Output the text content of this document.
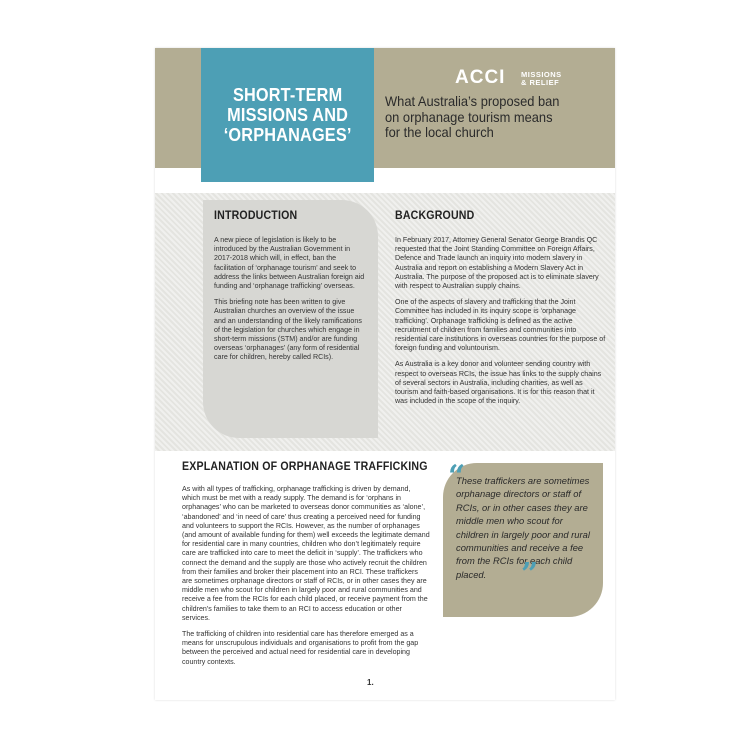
SHORT-TERM
MISSIONS AND
‘ORPHANAGES’
ACCI MISSIONS
& RELIEF
What Australia’s proposed ban
on orphanage tourism means
for the local church
INTRODUCTION

A new piece of legislation is likely to be introduced by the Australian Government in 2017-2018 which will, in effect, ban the facilitation of ‘orphanage tourism’ and seek to address the links between Australian foreign aid funding and ‘orphanage trafficking’ overseas.

This briefing note has been written to give Australian churches an overview of the issue and an understanding of the likely ramifications of the legislation for churches which engage in short-term missions (STM) and/or are funding overseas ‘orphanages’ (any form of residential care for children, hereby called RCIs).

BACKGROUND

In February 2017, Attorney General Senator George Brandis QC requested that the Joint Standing Committee on Foreign Affairs, Defence and Trade launch an inquiry into modern slavery in Australia and report on establishing a Modern Slavery Act in Australia. The purpose of the proposed act is to eliminate slavery with respect to Australian supply chains.

One of the aspects of slavery and trafficking that the Joint Committee has included in its inquiry scope is ‘orphanage trafficking’. Orphanage trafficking is defined as the active recruitment of children from families and communities into residential care institutions in overseas countries for the purpose of foreign funding and voluntourism.

As Australia is a key donor and volunteer sending country with respect to overseas RCIs, the issue has links to the supply chains of several sectors in Australia, including charities, as well as tourism and faith-based organisations. It is for this reason that it was included in the scope of the inquiry.

EXPLANATION OF ORPHANAGE TRAFFICKING

As with all types of trafficking, orphanage trafficking is driven by demand, which must be met with a ready supply. The demand is for ‘orphans in orphanages’ who can be marketed to overseas donor communities as ‘alone’, ‘abandoned’ and ‘in need of care’ thus creating a perceived need for funding and volunteers to support the RCIs. However, as the number of orphanages (and amount of available funding for them) well exceeds the legitimate demand for residential care in many countries, children who don’t legitimately require care are trafficked into care to meet the deficit in ‘supply’. The traffickers who connect the demand and the supply are those who actively recruit the children from their families and broker their placement into an RCI. These traffickers are sometimes orphanage directors or staff of RCIs, or in other cases they are middle men who scout for children in largely poor and rural communities and receive a fee from the RCIs for each child placed, or receive payment from the children’s families to take them to an RCI to access education or other services.

The trafficking of children into residential care has therefore emerged as a means for unscrupulous individuals and organisations to profit from the gap between the perceived and actual need for residential care in developing country contexts.

“
These traffickers are sometimes orphanage directors or staff of RCIs, or in other cases they are middle men who scout for children in largely poor and rural communities and receive a fee from the RCIs for each child placed.	”
1.
